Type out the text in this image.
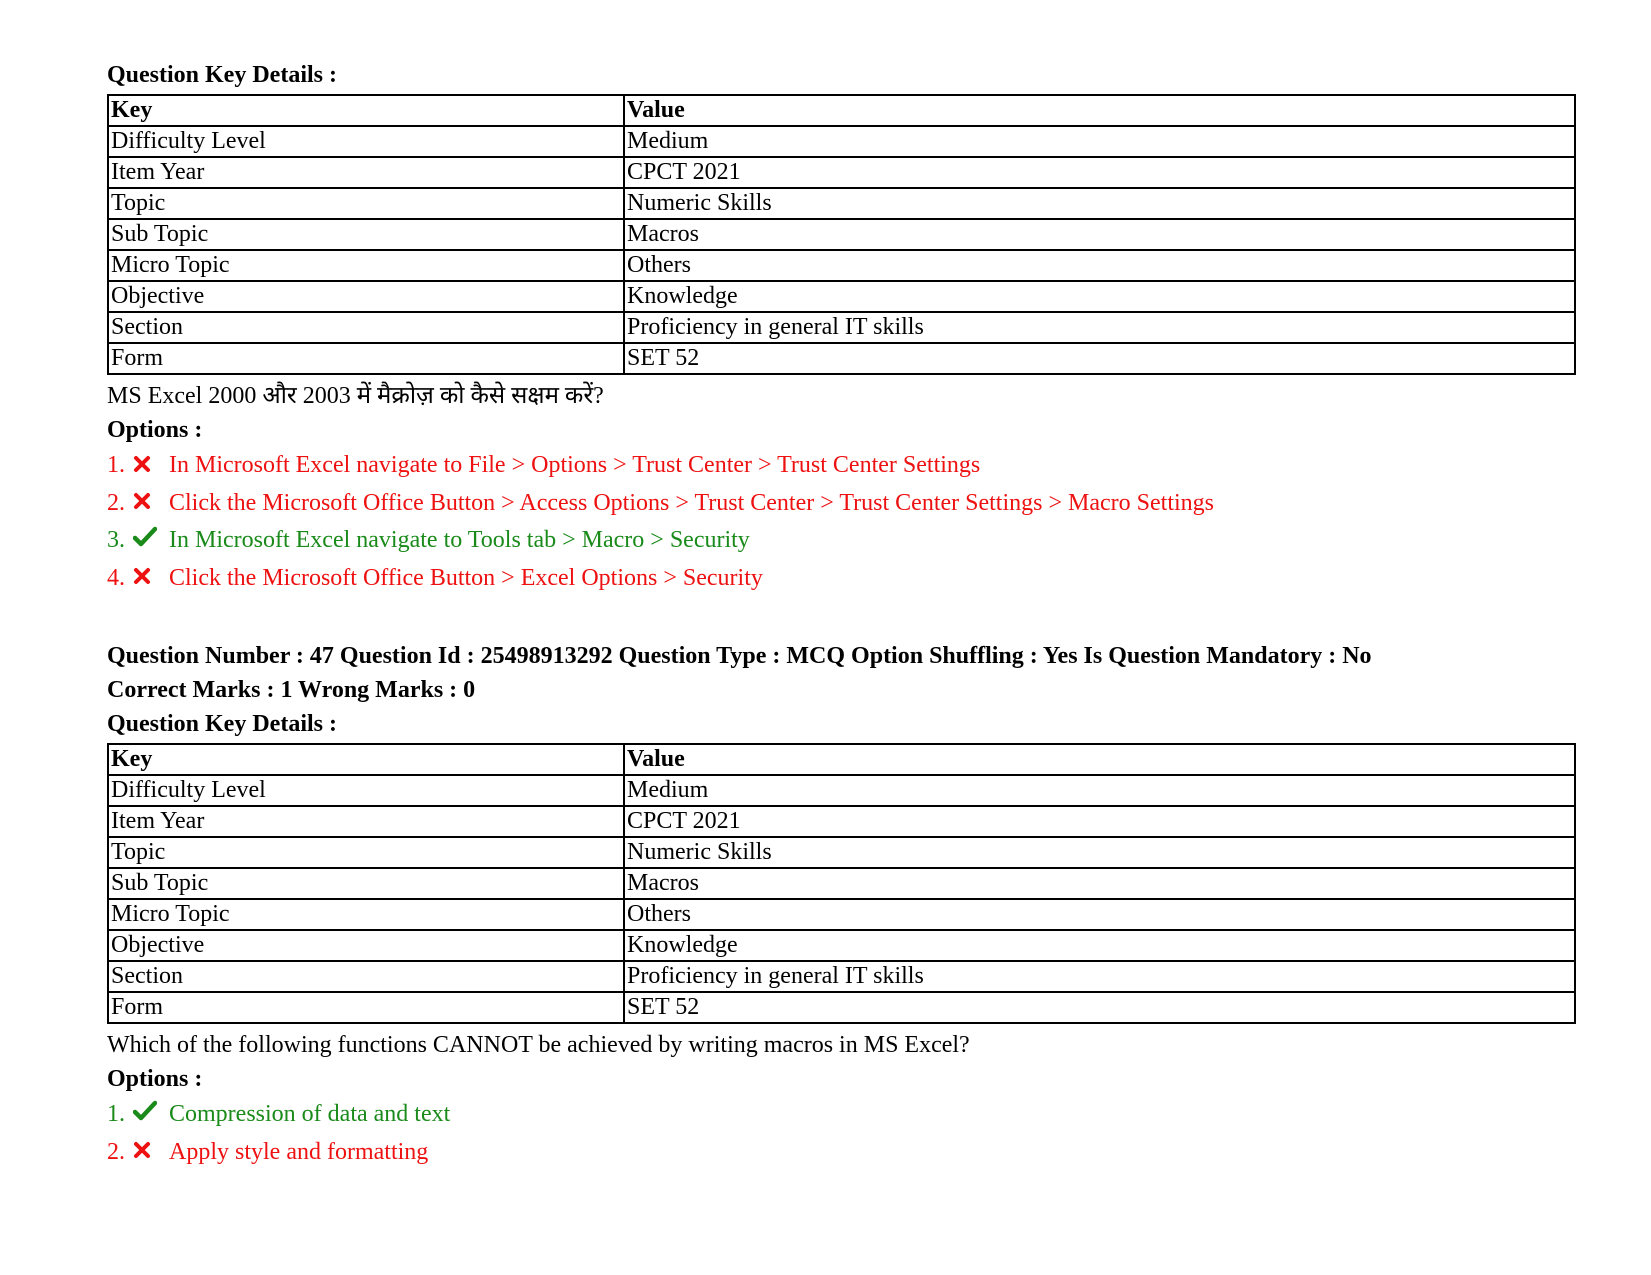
Question Key Details :
Key	Value
Difficulty Level	Medium
Item Year	CPCT 2021
Topic	Numeric Skills
Sub Topic	Macros
Micro Topic	Others
Objective	Knowledge
Section	Proficiency in general IT skills
Form	SET 52
MS Excel 2000 और 2003 में मैक्रोज़ को कैसे सक्षम करें?
Options :
1.	In Microsoft Excel navigate to File > Options > Trust Center > Trust Center Settings
2.	Click the Microsoft Office Button > Access Options > Trust Center > Trust Center Settings > Macro Settings
3.	In Microsoft Excel navigate to Tools tab > Macro > Security
4.	Click the Microsoft Office Button > Excel Options > Security
Question Number : 47 Question Id : 25498913292 Question Type : MCQ Option Shuffling : Yes Is Question Mandatory : No
Correct Marks : 1 Wrong Marks : 0
Question Key Details :
Key	Value
Difficulty Level	Medium
Item Year	CPCT 2021
Topic	Numeric Skills
Sub Topic	Macros
Micro Topic	Others
Objective	Knowledge
Section	Proficiency in general IT skills
Form	SET 52
Which of the following functions CANNOT be achieved by writing macros in MS Excel?
Options :
1.	Compression of data and text
2.	Apply style and formatting
